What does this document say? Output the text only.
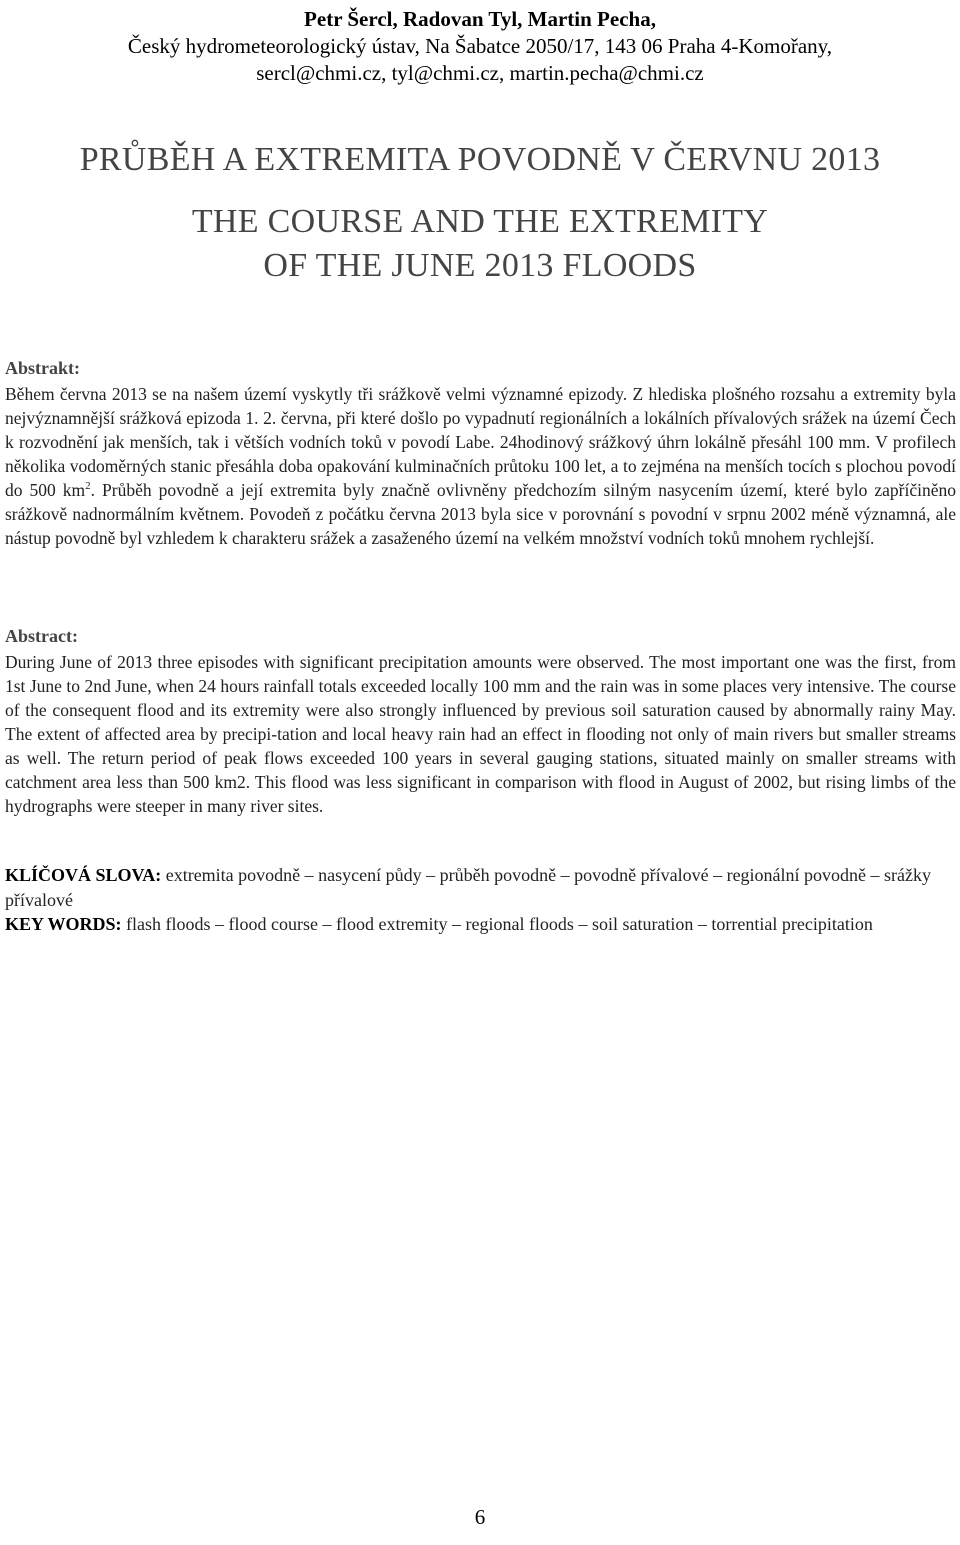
Petr Šercl, Radovan Tyl, Martin Pecha,
Český hydrometeorologický ústav, Na Šabatce 2050/17, 143 06 Praha 4-Komořany,
sercl@chmi.cz, tyl@chmi.cz, martin.pecha@chmi.cz
PRŮBĚH A EXTREMITA POVODNĚ V ČERVNU 2013
THE COURSE AND THE EXTREMITY
OF THE JUNE 2013 FLOODS
Abstrakt:
Během června 2013 se na našem území vyskytly tři srážkově velmi významné epizody. Z hlediska plošného rozsahu a extremity byla nejvýznamnější srážková epizoda 1. 2. června, při které došlo po vypadnutí regionálních a lokálních přívalových srážek na území Čech k rozvodnění jak menších, tak i větších vodních toků v povodí Labe. 24hodinový srážkový úhrn lokálně přesáhl 100 mm. V profilech několika vodoměrných stanic přesáhla doba opakování kulminačních průtoku 100 let, a to zejména na menších tocích s plochou povodí do 500 $km^2$. Průběh povodně a její extremita byly značně ovlivněny předchozím silným nasycením území, které bylo zapříčiněno srážkově nadnormálním květnem. Povodeň z počátku června 2013 byla sice v porovnání s povodní v srpnu 2002 méně významná, ale nástup povodně byl vzhledem k charakteru srážek a zasaženého území na velkém množství vodních toků mnohem rychlejší.
Abstract:
During June of 2013 three episodes with significant precipitation amounts were observed. The most important one was the first, from 1st June to 2nd June, when 24 hours rainfall totals exceeded locally 100 mm and the rain was in some places very intensive. The course of the consequent flood and its extremity were also strongly influenced by previous soil saturation caused by abnormally rainy May. The extent of affected area by precipi-tation and local heavy rain had an effect in flooding not only of main rivers but smaller streams as well. The return period of peak flows exceeded 100 years in several gauging stations, situated mainly on smaller streams with catchment area less than 500 km2. This flood was less significant in comparison with flood in August of 2002, but rising limbs of the hydrographs were steeper in many river sites.
KLÍČOVÁ SLOVA: extremita povodně – nasycení půdy – průběh povodně – povodně přívalové – regionální povodně – srážky přívalové
KEY WORDS: flash floods – flood course – flood extremity – regional floods – soil saturation – torrential precipitation
6
